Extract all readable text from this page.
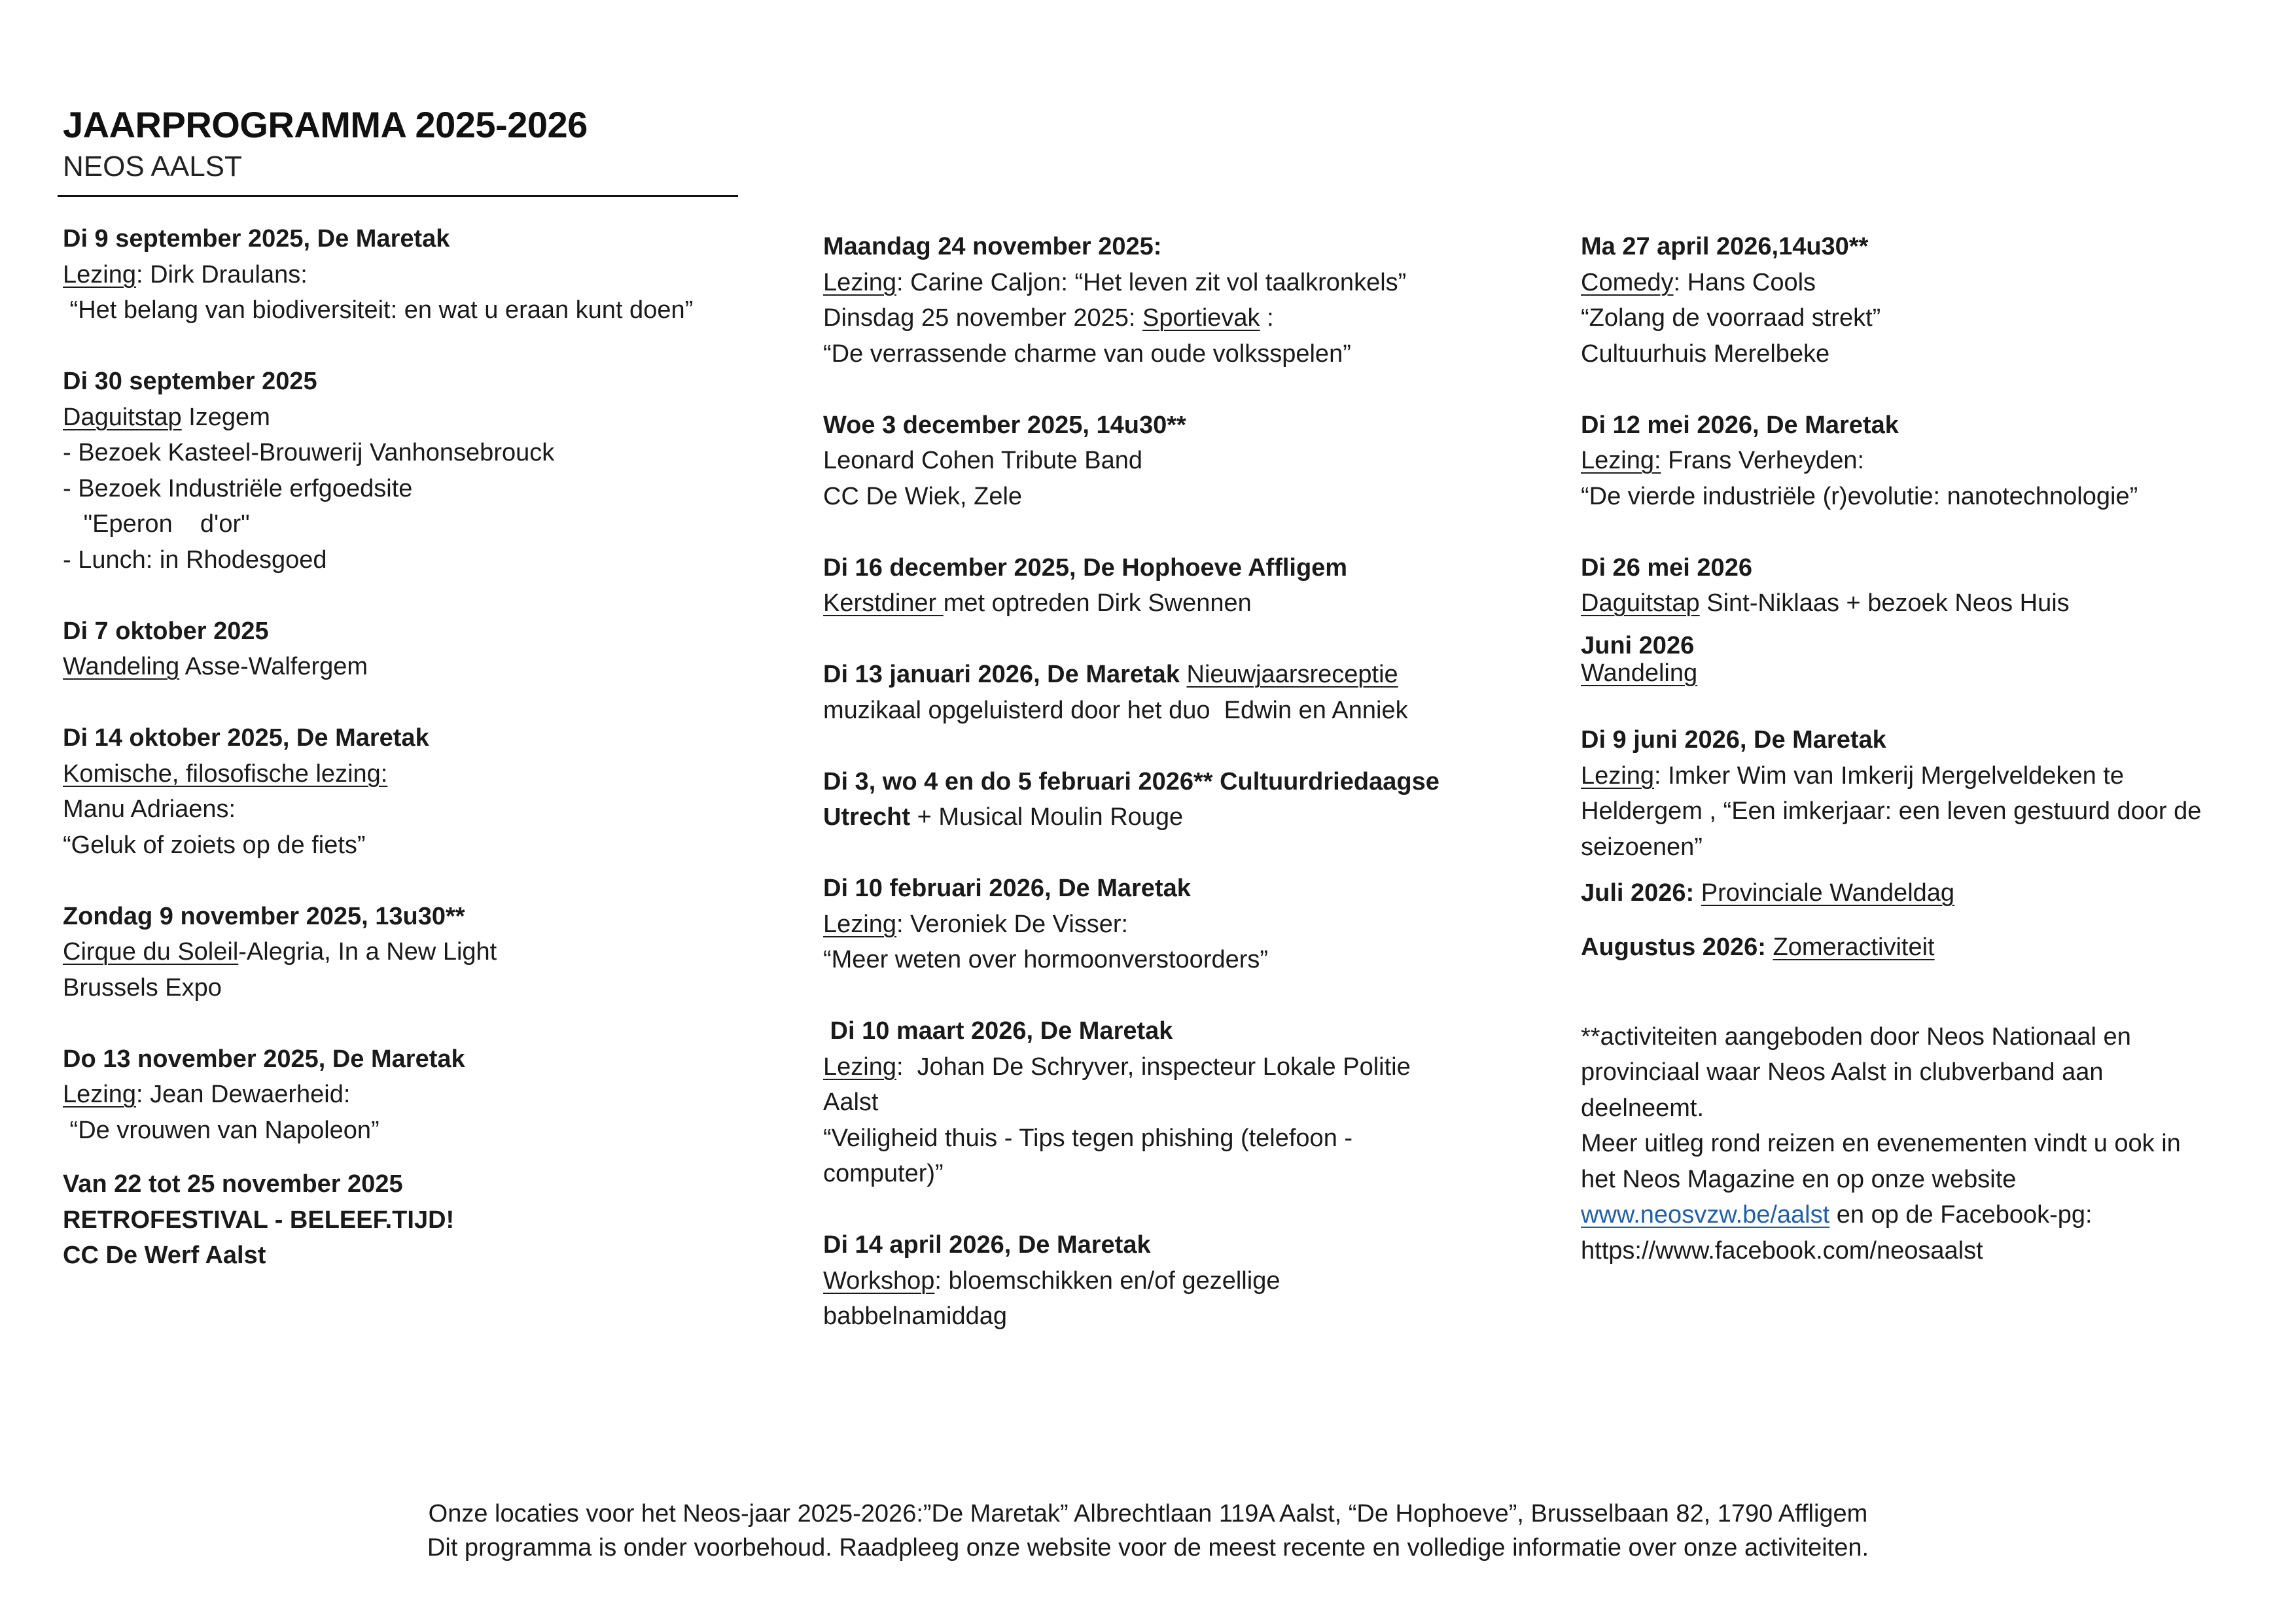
JAARPROGRAMMA 2025-2026
NEOS AALST
Di 9 september 2025, De Maretak
Lezing: Dirk Draulans:
“Het belang van biodiversiteit: en wat u eraan kunt doen”
Di 30 september 2025
Daguitstap Izegem
- Bezoek Kasteel-Brouwerij Vanhonsebrouck
- Bezoek Industriële erfgoedsite
"Eperon    d'or"
- Lunch: in Rhodesgoed
Di 7 oktober 2025
Wandeling Asse-Walfergem
Di 14 oktober 2025, De Maretak
Komische, filosofische lezing:
Manu Adriaens:
“Geluk of zoiets op de fiets”
Zondag 9 november 2025, 13u30**
Cirque du Soleil-Alegria, In a New Light
Brussels Expo
Do 13 november 2025, De Maretak
Lezing: Jean Dewaerheid:
“De vrouwen van Napoleon”
Van 22 tot 25 november 2025
RETROFESTIVAL - BELEEF.TIJD!
CC De Werf Aalst
Maandag 24 november 2025:
Lezing: Carine Caljon: “Het leven zit vol taalkronkels”
Dinsdag 25 november 2025: Sportievak :
“De verrassende charme van oude volksspelen”
Woe 3 december 2025, 14u30**
Leonard Cohen Tribute Band
CC De Wiek, Zele
Di 16 december 2025, De Hophoeve Affligem
Kerstdiner met optreden Dirk Swennen
Di 13 januari 2026, De Maretak Nieuwjaarsreceptie
muzikaal opgeluisterd door het duo  Edwin en Anniek
Di 3, wo 4 en do 5 februari 2026** Cultuurdriedaagse
Utrecht + Musical Moulin Rouge
Di 10 februari 2026, De Maretak
Lezing: Veroniek De Visser:
“Meer weten over hormoonverstoorders”
Di 10 maart 2026, De Maretak
Lezing:  Johan De Schryver, inspecteur Lokale Politie
Aalst
“Veiligheid thuis - Tips tegen phishing (telefoon -
computer)”
Di 14 april 2026, De Maretak
Workshop: bloemschikken en/of gezellige
babbelnamiddag
Ma 27 april 2026,14u30**
Comedy: Hans Cools
“Zolang de voorraad strekt”
Cultuurhuis Merelbeke
Di 12 mei 2026, De Maretak
Lezing: Frans Verheyden:
“De vierde industriële (r)evolutie: nanotechnologie”
Di 26 mei 2026
Daguitstap Sint-Niklaas + bezoek Neos Huis
Juni 2026
Wandeling
Di 9 juni 2026, De Maretak
Lezing: Imker Wim van Imkerij Mergelveldeken te
Heldergem , “Een imkerjaar: een leven gestuurd door de
seizoenen”
Juli 2026: Provinciale Wandeldag
Augustus 2026: Zomeractiviteit
**activiteiten aangeboden door Neos Nationaal en
provinciaal waar Neos Aalst in clubverband aan
deelneemt.
Meer uitleg rond reizen en evenementen vindt u ook in
het Neos Magazine en op onze website
www.neosvzw.be/aalst en op de Facebook-pg:
https://www.facebook.com/neosaalst
Onze locaties voor het Neos-jaar 2025-2026:”De Maretak” Albrechtlaan 119A Aalst, “De Hophoeve”, Brusselbaan 82, 1790 Affligem
Dit programma is onder voorbehoud. Raadpleeg onze website voor de meest recente en volledige informatie over onze activiteiten.
